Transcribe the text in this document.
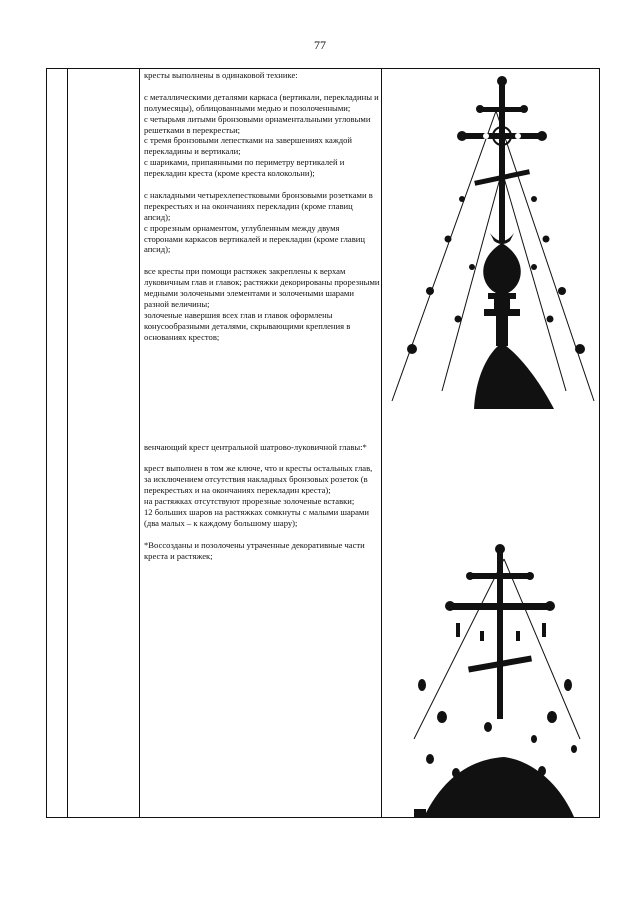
77

кресты выполнены в одинаковой технике:

с металлическими деталями каркаса (вертикали, перекладины и полумесяцы), облицованными медью и позолоченными;

с четырьмя литыми бронзовыми орнаментальными угловыми решетками в перекрестьи;

с тремя бронзовыми лепестками на завершениях каждой перекладины и вертикали;

с шариками, припаянными по периметру вертикалей и перекладин креста (кроме креста колокольни);

с накладными четырехлепестковыми бронзовыми розетками в перекрестьях и на окончаниях перекладин (кроме главиц апсид);

с прорезным орнаментом, углубленным между двумя сторонами каркасов вертикалей и перекладин (кроме главиц апсид);

все кресты при помощи растяжек закреплены к верхам луковичным глав и главок; растяжки декорированы прорезными медными золочеными элементами и золочеными шарами разной величины;

золоченые навершия всех глав и главок оформлены конусообразными деталями, скрывающими крепления в основаниях крестов;

венчающий крест центральной шатрово-луковичной главы:*

крест выполнен в том же ключе, что и кресты остальных глав, за исключением отсутствия накладных бронзовых розеток (в перекрестьях и на окончаниях перекладин креста);

на растяжках отсутствуют прорезные золоченые вставки;

12 больших шаров на растяжках сомкнуты с малыми шарами (два малых – к каждому большому шару);

*Воссозданы и позолочены утраченные декоративные части креста и растяжек;
